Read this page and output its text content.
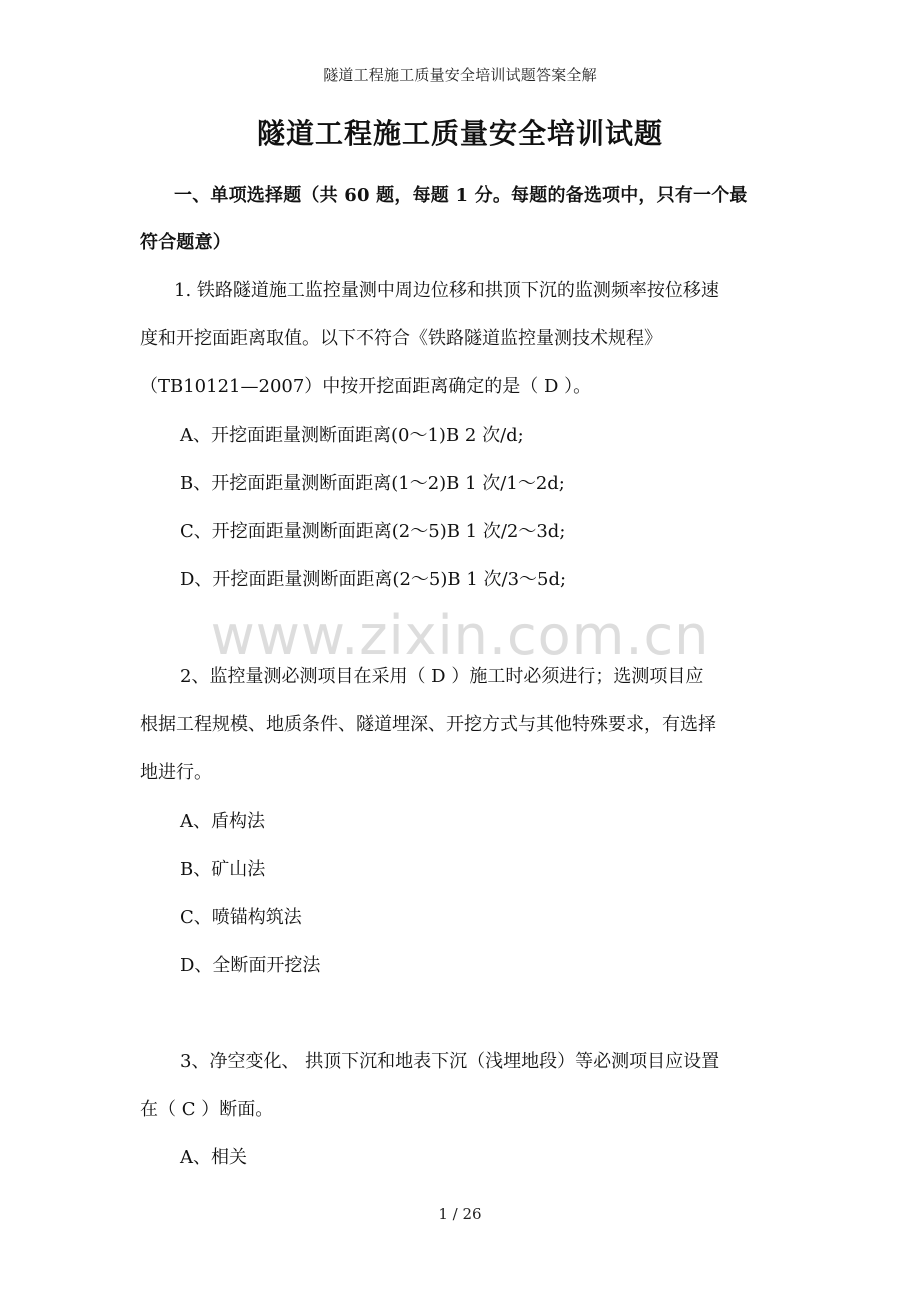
隧道工程施工质量安全培训试题答案全解
隧道工程施工质量安全培训试题
一、单项选择题（共 60 题，每题 1 分。每题的备选项中，只有一个最
符合题意）
1. 铁路隧道施工监控量测中周边位移和拱顶下沉的监测频率按位移速
度和开挖面距离取值。以下不符合《铁路隧道监控量测技术规程》
（TB10121—2007）中按开挖面距离确定的是（ D ）。
A、开挖面距量测断面距离(0～1)B 2 次/d;
B、开挖面距量测断面距离(1～2)B 1 次/1～2d;
C、开挖面距量测断面距离(2～5)B 1 次/2～3d;
D、开挖面距量测断面距离(2～5)B 1 次/3～5d;
www.zixin.com.cn
2、监控量测必测项目在采用（ D ）施工时必须进行；选测项目应
根据工程规模、地质条件、隧道埋深、开挖方式与其他特殊要求，有选择
地进行。
A、盾构法
B、矿山法
C、喷锚构筑法
D、全断面开挖法
3、净空变化、 拱顶下沉和地表下沉（浅埋地段）等必测项目应设置
在（ C ）断面。
A、相关
1 / 26
